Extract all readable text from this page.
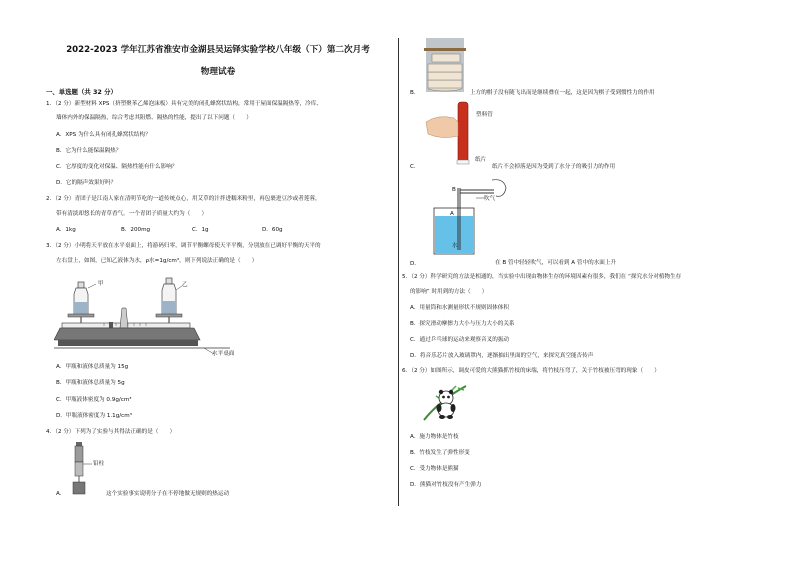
2022-2023 学年江苏省淮安市金湖县吴运铎实验学校八年级（下）第二次月考
物理试卷
一、单选题（共 32 分）
1．（2 分）新型材料 XPS（挤塑聚苯乙烯泡沫板）具有完美的闭孔蜂窝状结构，常用于屋面保温隔热等，冷库、
墙体内外的保温隔热，综合考虑其阻燃、隔热的性能，提出了以下问题（　　）
A．XPS 为什么具有闭孔蜂窝状结构？
B．它为什么能保温隔热？
C．它厚度的变化对保温、隔热性能有什么影响？
D．它的隔声效果好吗？
2．（2 分）青团子是江南人家在清明节吃的一道传统点心，用艾草的汁拌进糯米粉里，再包裹进豆沙或者莲蓉，
带有清淡却悠长的青草香气。一个青团子质量大约为（　　）
A．1kg	B．200mg	C．1g	D．60g
3．（2 分）小明将天平放在水平桌面上，将游码归零，调节平衡螺母使天平平衡，分别放在已调好平衡的天平的
左右盘上，如图，已知乙液体为水，ρ水=1g/cm³，则下列说法正确的是（　　）
甲	乙
水平桌面
A．甲瓶和液体总质量为 15g
B．甲瓶和液体总质量为 5g
C．甲瓶液体密度为 0.9g/cm³
D．甲瓶液体密度为 1.1g/cm³
4．（2 分）下列为了实验与其得法正确的是（　　）
铅柱
A．	这个实验事实说明分子在不停地做无规则的热运动
B．	上方的棋子没有随飞出而是继续叠在一起，这是因为棋子受到惯性力的作用
塑料管
纸片
C．	纸片不会掉落是因为受到了水分子的吸引力的作用
B
A
吹气
水
D．	在 B 管中轻轻吹气，可以看到 A 管中的水面上升
5．（2 分）科学研究的方法是相通的，当实验中出现由物体生存的环境因素有很多，我们在 “探究水分对植物生存
的影响” 时用到的方法（　　）
A．用量筒和水测量形状不规则固体体积
B．探究滑动摩擦力大小与压力大小的关系
C．通过乒乓球的运动来观察音叉的振动
D．将音乐芯片放入玻璃罩内，逐渐抽出里面的空气，来探究真空能否传声
6．（2 分）如图所示，调皮可爱的大熊猫抓竹枝的床端，将竹枝压弯了，关于竹枝被压弯的现象（　　）
A．施力物体是竹枝
B．竹枝发生了弹性形变
C．受力物体是熊猫
D．熊猫对竹枝没有产生弹力
